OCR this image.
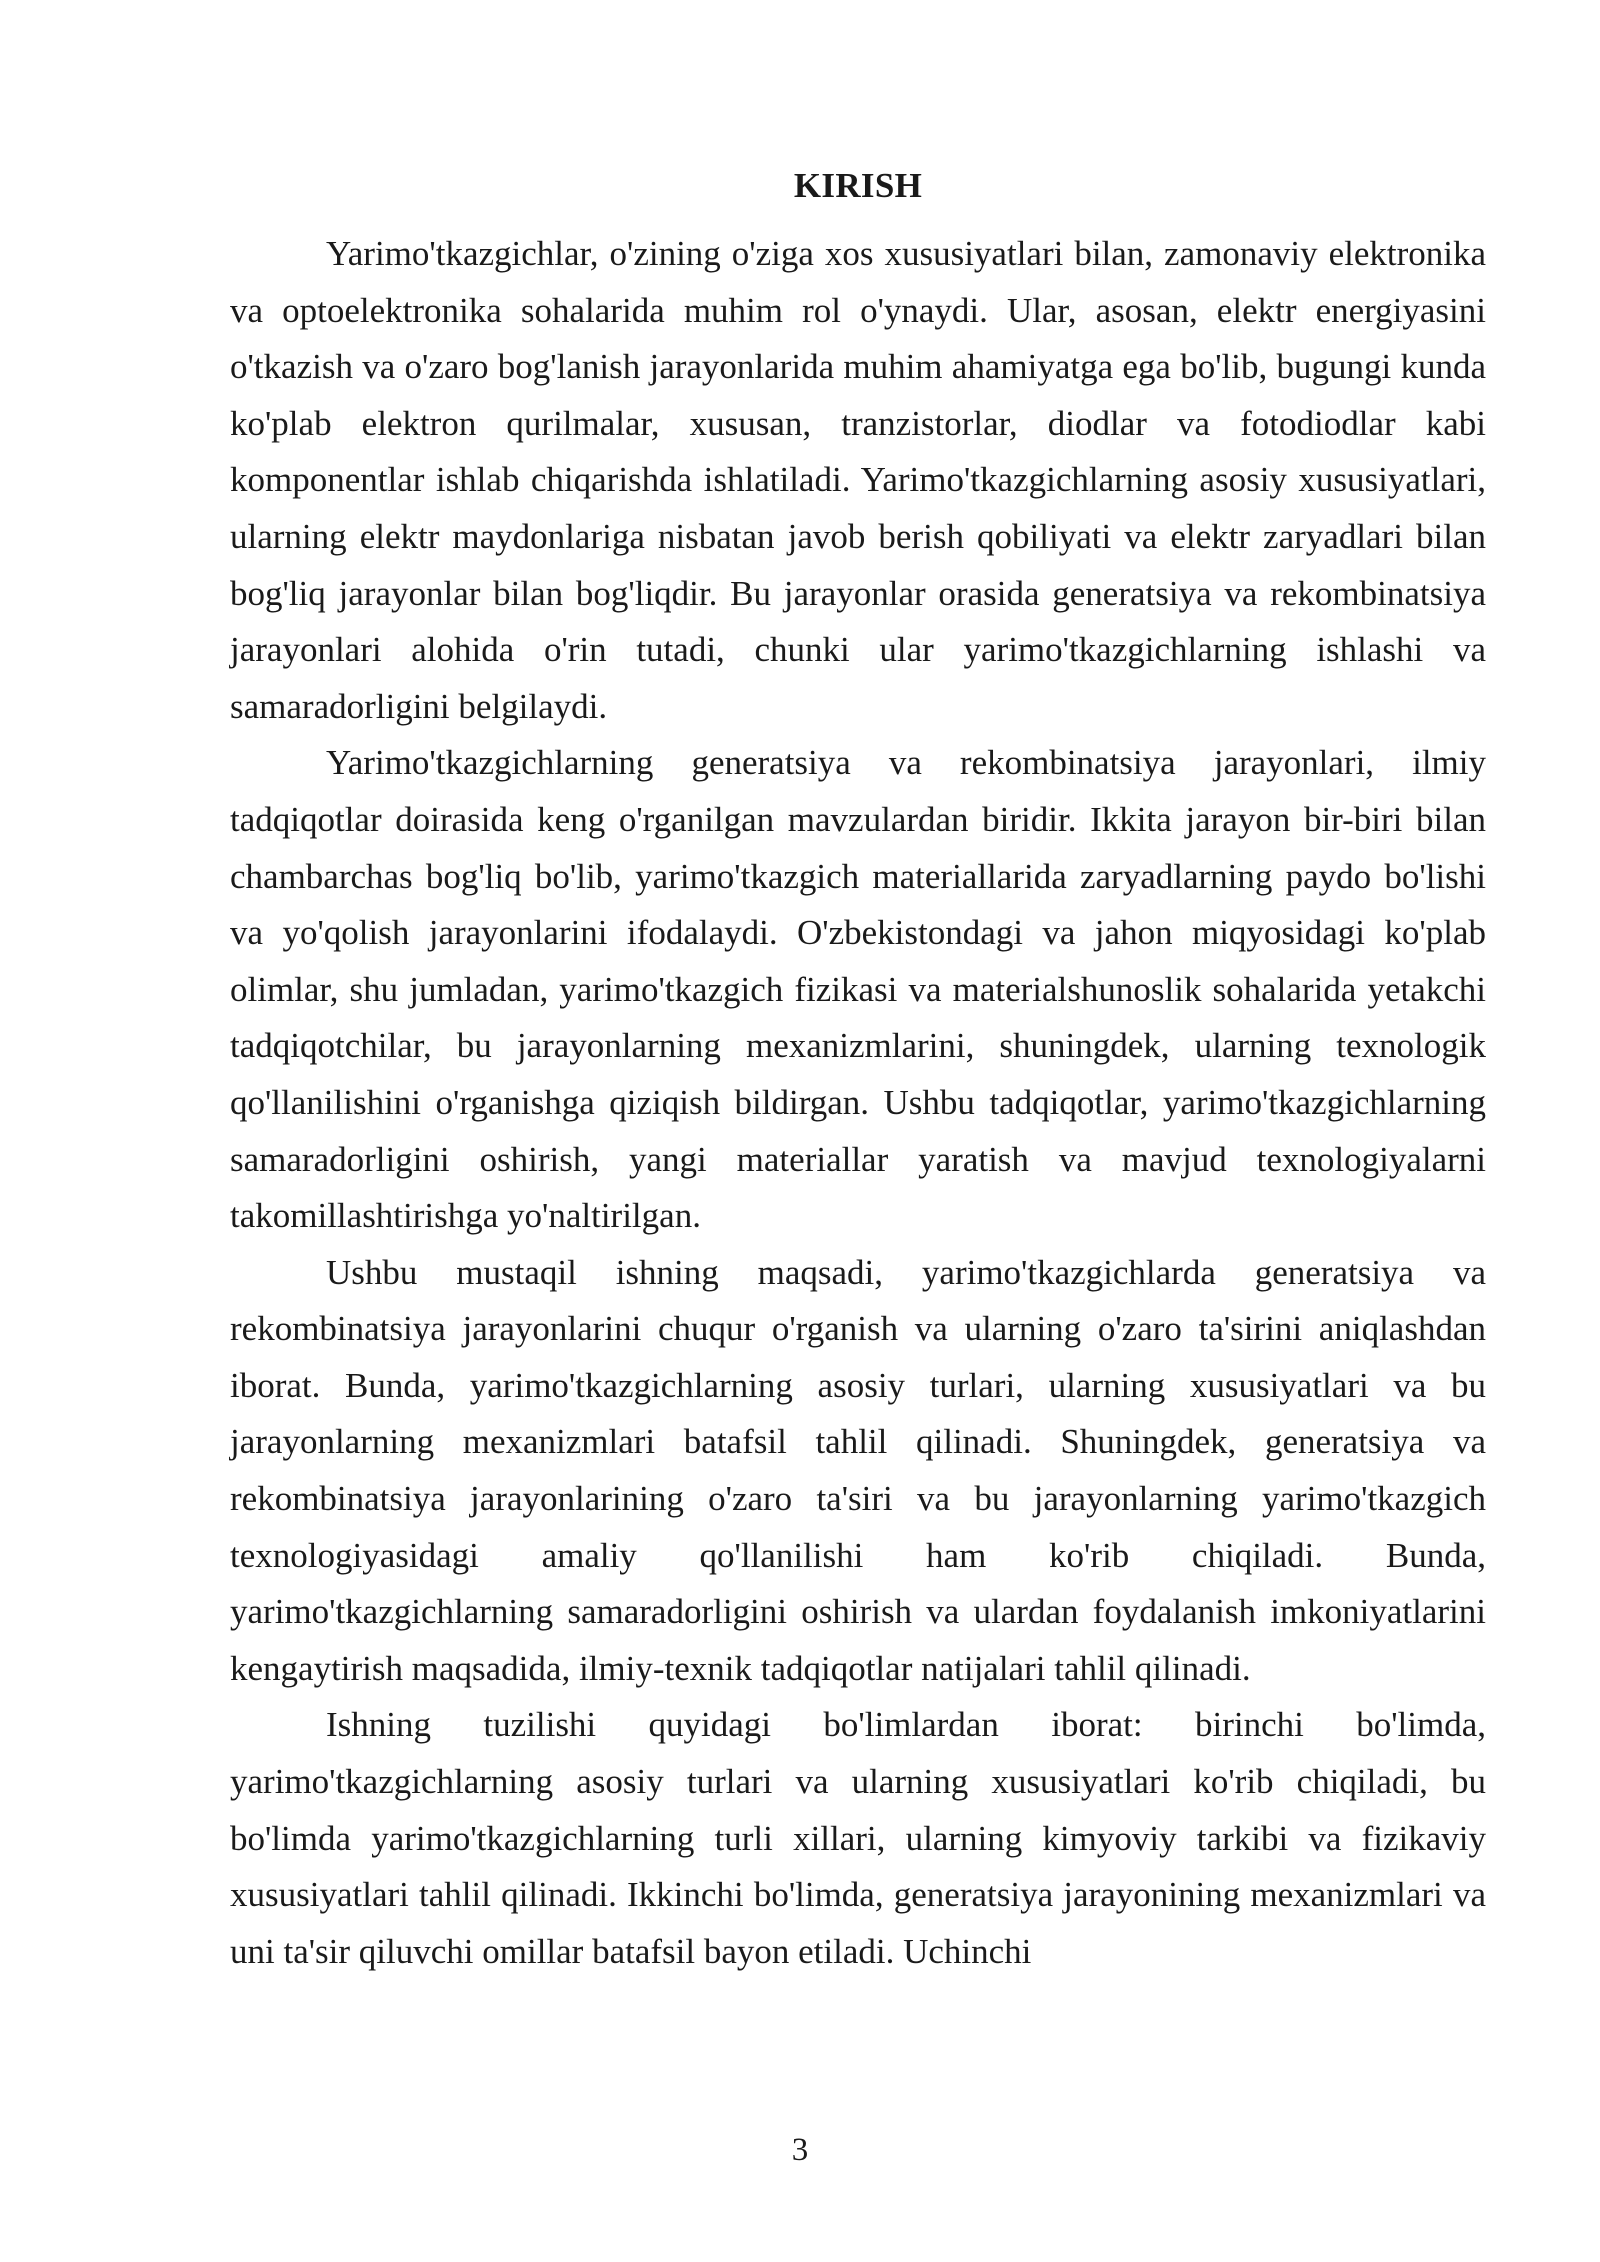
KIRISH

Yarimo'tkazgichlar, o'zining o'ziga xos xususiyatlari bilan, zamonaviy elektronika va optoelektronika sohalarida muhim rol o'ynaydi. Ular, asosan, elektr energiyasini o'tkazish va o'zaro bog'lanish jarayonlarida muhim ahamiyatga ega bo'lib, bugungi kunda ko'plab elektron qurilmalar, xususan, tranzistorlar, diodlar va fotodiodlar kabi komponentlar ishlab chiqarishda ishlatiladi. Yarimo'tkazgichlarning asosiy xususiyatlari, ularning elektr maydonlariga nisbatan javob berish qobiliyati va elektr zaryadlari bilan bog'liq jarayonlar bilan bog'liqdir. Bu jarayonlar orasida generatsiya va rekombinatsiya jarayonlari alohida o'rin tutadi, chunki ular yarimo'tkazgichlarning ishlashi va samaradorligini belgilaydi.

Yarimo'tkazgichlarning generatsiya va rekombinatsiya jarayonlari, ilmiy tadqiqotlar doirasida keng o'rganilgan mavzulardan biridir. Ikkita jarayon bir-biri bilan chambarchas bog'liq bo'lib, yarimo'tkazgich materiallarida zaryadlarning paydo bo'lishi va yo'qolish jarayonlarini ifodalaydi. O'zbekistondagi va jahon miqyosidagi ko'plab olimlar, shu jumladan, yarimo'tkazgich fizikasi va materialshunoslik sohalarida yetakchi tadqiqotchilar, bu jarayonlarning mexanizmlarini, shuningdek, ularning texnologik qo'llanilishini o'rganishga qiziqish bildirgan. Ushbu tadqiqotlar, yarimo'tkazgichlarning samaradorligini oshirish, yangi materiallar yaratish va mavjud texnologiyalarni takomillashtirishga yo'naltirilgan.

Ushbu mustaqil ishning maqsadi, yarimo'tkazgichlarda generatsiya va rekombinatsiya jarayonlarini chuqur o'rganish va ularning o'zaro ta'sirini aniqlashdan iborat. Bunda, yarimo'tkazgichlarning asosiy turlari, ularning xususiyatlari va bu jarayonlarning mexanizmlari batafsil tahlil qilinadi. Shuningdek, generatsiya va rekombinatsiya jarayonlarining o'zaro ta'siri va bu jarayonlarning yarimo'tkazgich texnologiyasidagi amaliy qo'llanilishi ham ko'rib chiqiladi. Bunda, yarimo'tkazgichlarning samaradorligini oshirish va ulardan foydalanish imkoniyatlarini kengaytirish maqsadida, ilmiy-texnik tadqiqotlar natijalari tahlil qilinadi.

Ishning tuzilishi quyidagi bo'limlardan iborat: birinchi bo'limda, yarimo'tkazgichlarning asosiy turlari va ularning xususiyatlari ko'rib chiqiladi, bu bo'limda yarimo'tkazgichlarning turli xillari, ularning kimyoviy tarkibi va fizikaviy xususiyatlari tahlil qilinadi. Ikkinchi bo'limda, generatsiya jarayonining mexanizmlari va uni ta'sir qiluvchi omillar batafsil bayon etiladi. Uchinchi

3
